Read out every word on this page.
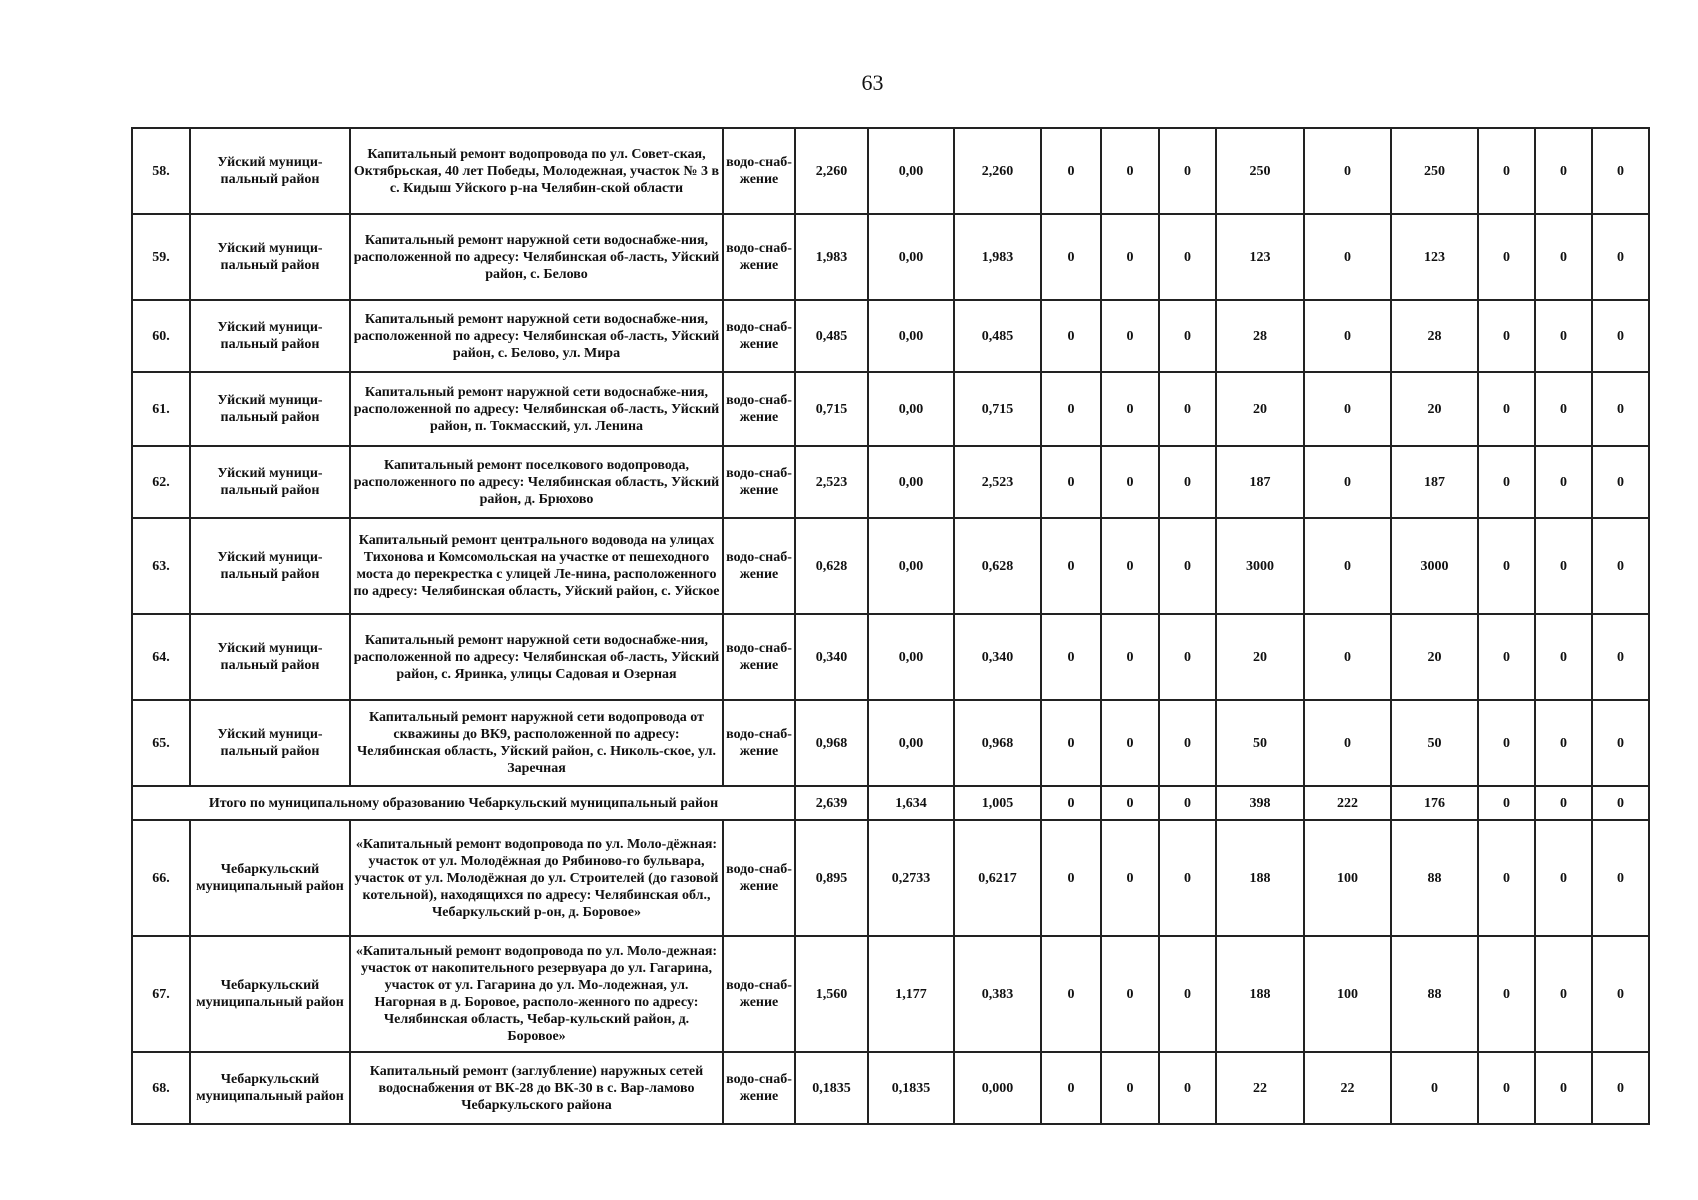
63
58.	Уйский муници-пальный район	Капитальный ремонт водопровода по ул. Совет-ская, Октябрьская, 40 лет Победы, Молодежная, участок № 3 в с. Кидыш Уйского р-на Челябин-ской области	водо-снаб-жение	2,260	0,00	2,260	0	0	0	250	0	250	0	0	0
59.	Уйский муници-пальный район	Капитальный ремонт наружной сети водоснабже-ния, расположенной по адресу: Челябинская об-ласть, Уйский район, с. Белово	водо-снаб-жение	1,983	0,00	1,983	0	0	0	123	0	123	0	0	0
60.	Уйский муници-пальный район	Капитальный ремонт наружной сети водоснабже-ния, расположенной по адресу: Челябинская об-ласть, Уйский район, с. Белово, ул. Мира	водо-снаб-жение	0,485	0,00	0,485	0	0	0	28	0	28	0	0	0
61.	Уйский муници-пальный район	Капитальный ремонт наружной сети водоснабже-ния, расположенной по адресу: Челябинская об-ласть, Уйский район, п. Токмасский, ул. Ленина	водо-снаб-жение	0,715	0,00	0,715	0	0	0	20	0	20	0	0	0
62.	Уйский муници-пальный район	Капитальный ремонт поселкового водопровода, расположенного по адресу: Челябинская область, Уйский район, д. Брюхово	водо-снаб-жение	2,523	0,00	2,523	0	0	0	187	0	187	0	0	0
63.	Уйский муници-пальный район	Капитальный ремонт центрального водовода на улицах Тихонова и Комсомольская на участке от пешеходного моста до перекрестка с улицей Ле-нина, расположенного по адресу: Челябинская область, Уйский район, с. Уйское	водо-снаб-жение	0,628	0,00	0,628	0	0	0	3000	0	3000	0	0	0
64.	Уйский муници-пальный район	Капитальный ремонт наружной сети водоснабже-ния, расположенной по адресу: Челябинская об-ласть, Уйский район, с. Яринка, улицы Садовая и Озерная	водо-снаб-жение	0,340	0,00	0,340	0	0	0	20	0	20	0	0	0
65.	Уйский муници-пальный район	Капитальный ремонт наружной сети водопровода от скважины до ВК9, расположенной по адресу: Челябинская область, Уйский район, с. Николь-ское, ул. Заречная	водо-снаб-жение	0,968	0,00	0,968	0	0	0	50	0	50	0	0	0
Итого по муниципальному образованию Чебаркульский муниципальный район				2,639	1,634	1,005	0	0	0	398	222	176	0	0	0
66.	Чебаркульский муниципальный район	«Капитальный ремонт водопровода по ул. Моло-дёжная: участок от ул. Молодёжная до Рябиново-го бульвара, участок от ул. Молодёжная до ул. Строителей (до газовой котельной), находящихся по адресу: Челябинская обл., Чебаркульский р-он, д. Боровое»	водо-снаб-жение	0,895	0,2733	0,6217	0	0	0	188	100	88	0	0	0
67.	Чебаркульский муниципальный район	«Капитальный ремонт водопровода по ул. Моло-дежная: участок от накопительного резервуара до ул. Гагарина, участок от ул. Гагарина до ул. Мо-лодежная, ул. Нагорная в д. Боровое, располо-женного по адресу: Челябинская область, Чебар-кульский район, д. Боровое»	водо-снаб-жение	1,560	1,177	0,383	0	0	0	188	100	88	0	0	0
68.	Чебаркульский муниципальный район	Капитальный ремонт (заглубление) наружных сетей водоснабжения от ВК-28 до ВК-30 в с. Вар-ламово Чебаркульского района	водо-снаб-жение	0,1835	0,1835	0,000	0	0	0	22	22	0	0	0	0
